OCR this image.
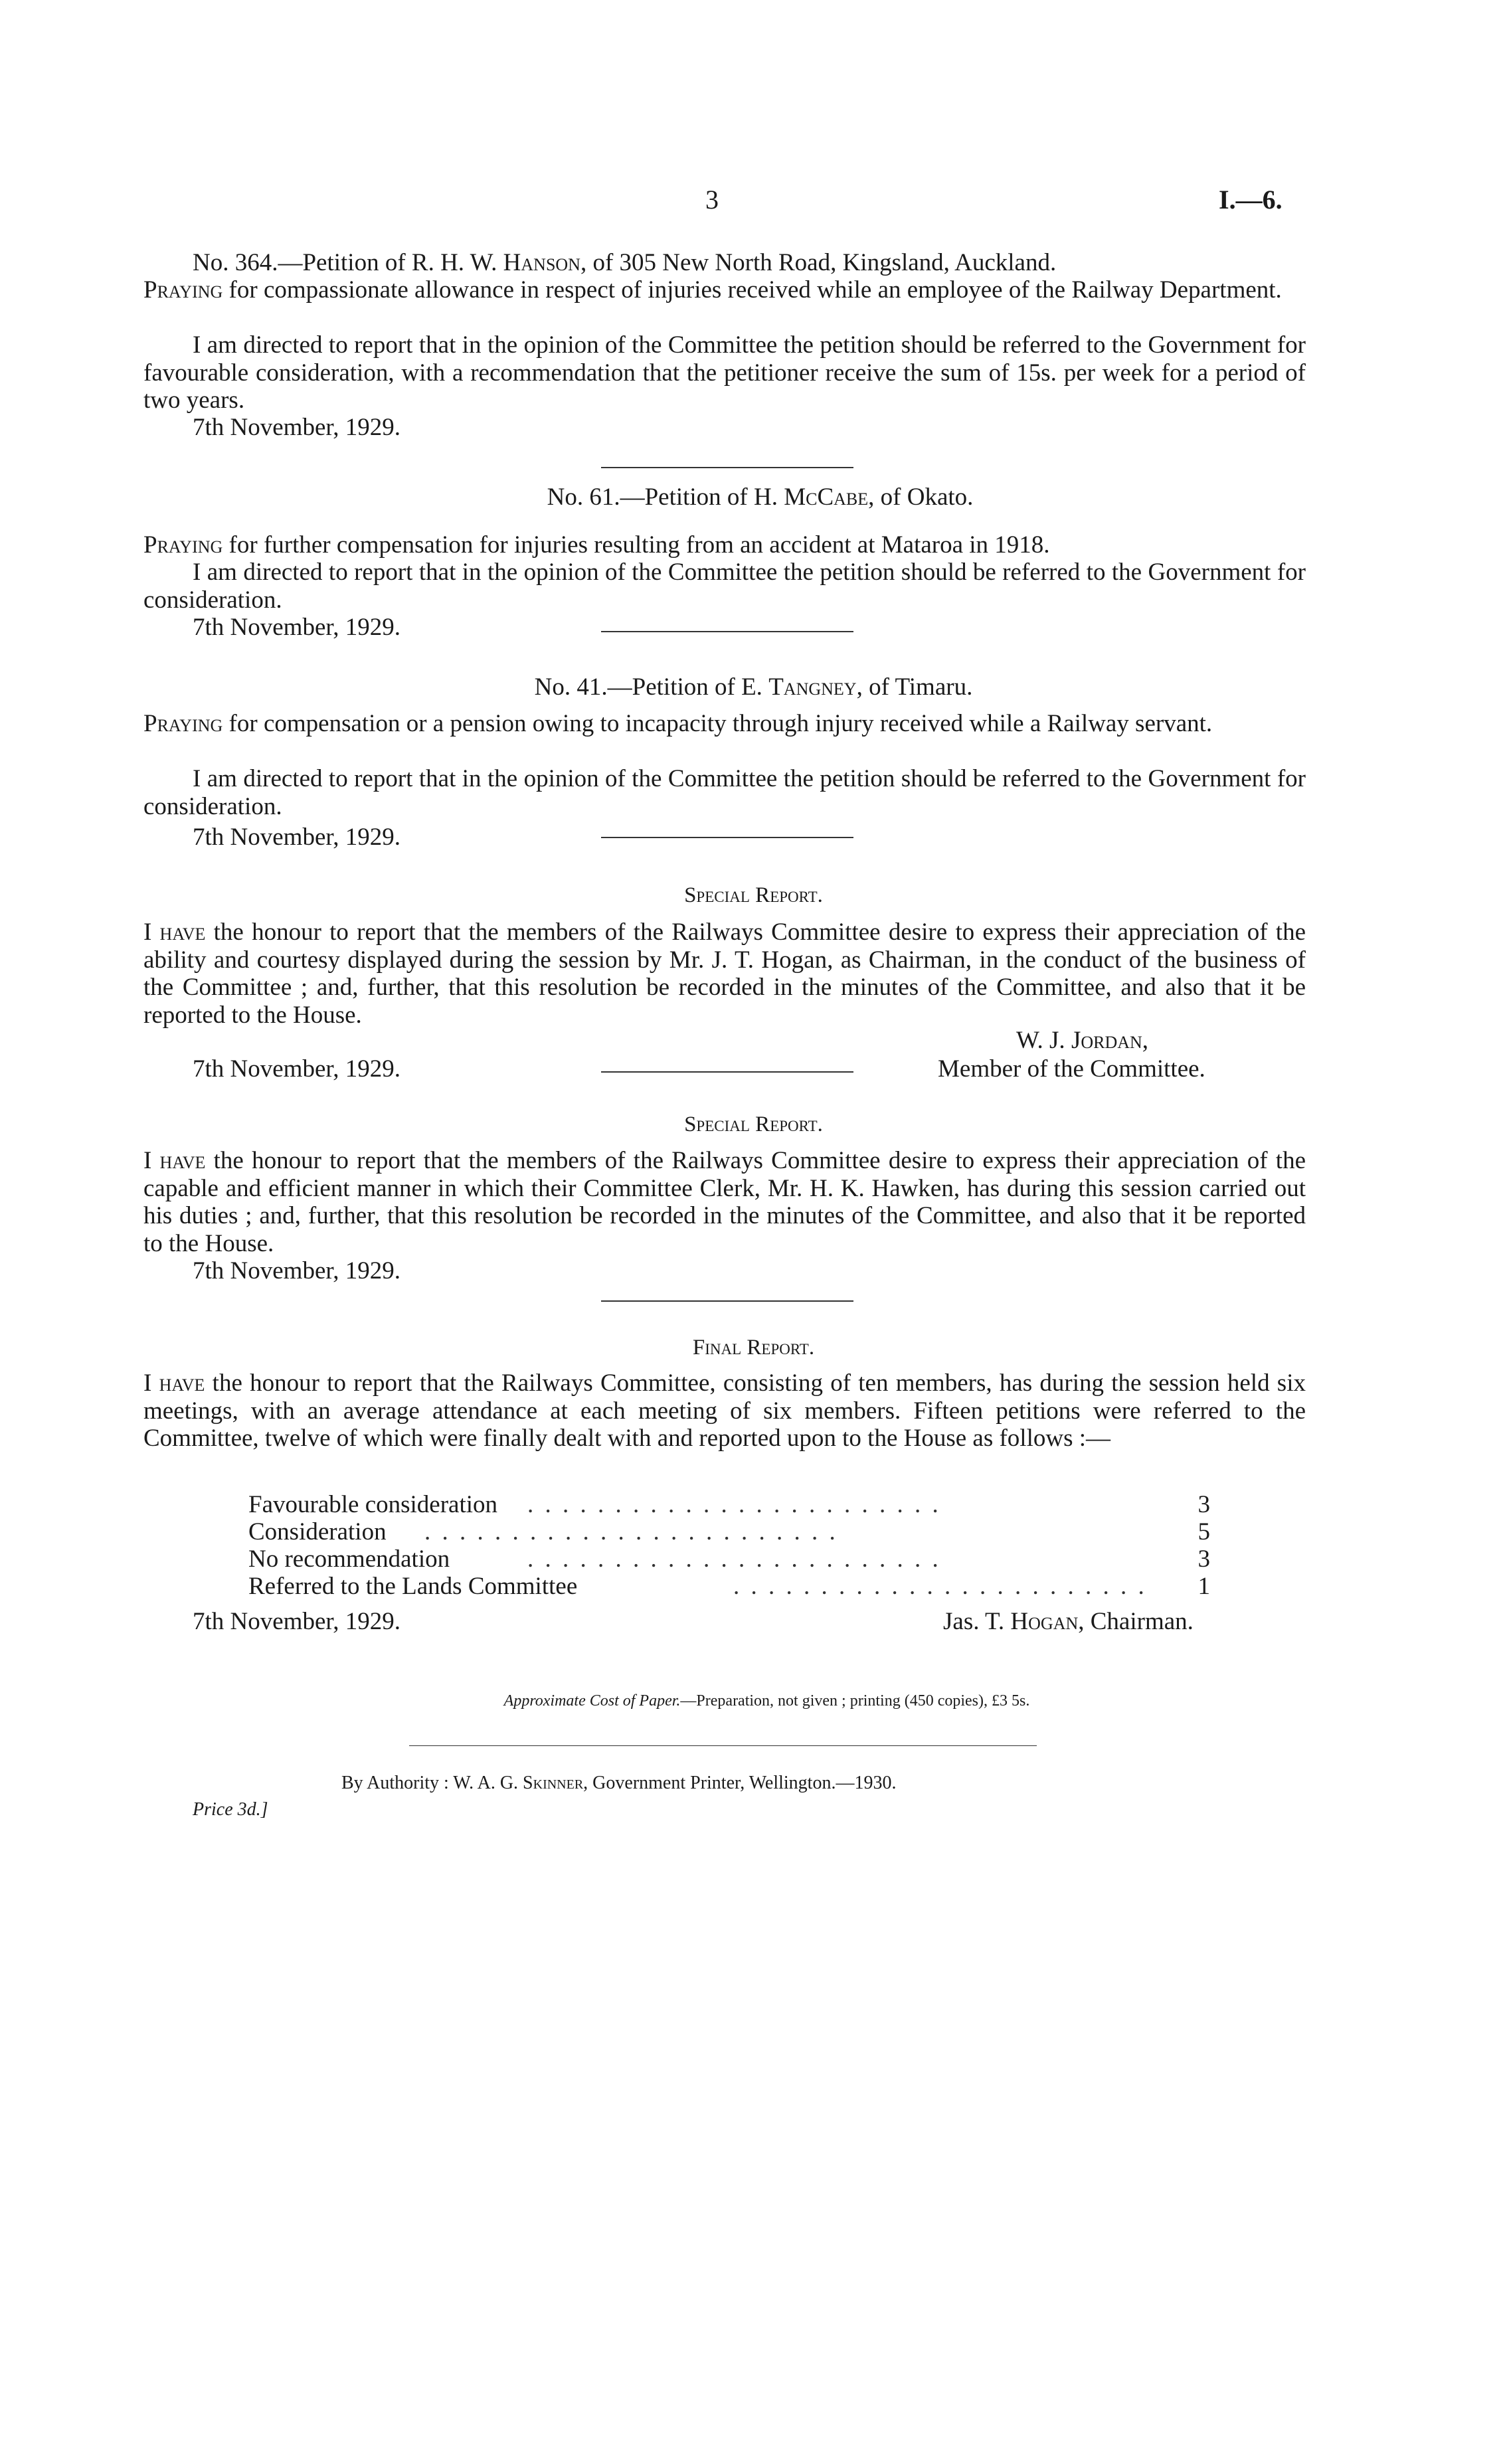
3	I.—6.
No. 364.—Petition of R. H. W. Hanson, of 305 New North Road, Kingsland, Auckland.
Praying for compassionate allowance in respect of injuries received while an employee of the Railway Department.
I am directed to report that in the opinion of the Committee the petition should be referred to the Government for favourable consideration, with a recommendation that the petitioner receive the sum of 15s. per week for a period of two years.
7th November, 1929.
No. 61.—Petition of H. McCabe, of Okato.
Praying for further compensation for injuries resulting from an accident at Mataroa in 1918.
I am directed to report that in the opinion of the Committee the petition should be referred to the Government for consideration.
7th November, 1929.
No. 41.—Petition of E. Tangney, of Timaru.
Praying for compensation or a pension owing to incapacity through injury received while a Railway servant.
I am directed to report that in the opinion of the Committee the petition should be referred to the Government for consideration.
7th November, 1929.
Special Report.
I have the honour to report that the members of the Railways Committee desire to express their appreciation of the ability and courtesy displayed during the session by Mr. J. T. Hogan, as Chairman, in the conduct of the business of the Committee ; and, further, that this resolution be recorded in the minutes of the Committee, and also that it be reported to the House.
W. J. Jordan,
7th November, 1929.	Member of the Committee.
Special Report.
I have the honour to report that the members of the Railways Committee desire to express their appreciation of the capable and efficient manner in which their Committee Clerk, Mr. H. K. Hawken, has during this session carried out his duties ; and, further, that this resolution be recorded in the minutes of the Committee, and also that it be reported to the House.
7th November, 1929.
Final Report.
I have the honour to report that the Railways Committee, consisting of ten members, has during the session held six meetings, with an average attendance at each meeting of six members. Fifteen petitions were referred to the Committee, twelve of which were finally dealt with and reported upon to the House as follows :—
Favourable consideration . . . . . . . . . . . . . . . . . . . . . . . .	3
Consideration . . . . . . . . . . . . . . . . . . . . . . . .	5
No recommendation	. . . . . . . . . . . . . . . . . . . . . . . .	3
Referred to the Lands Committee	. . . . . . . . . . . . . . . . . . . . . . . .	1
7th November, 1929.	Jas. T. Hogan, Chairman.
Approximate Cost of Paper.—Preparation, not given ; printing (450 copies), £3 5s.
By Authority : W. A. G. Skinner, Government Printer, Wellington.—1930.
Price 3d.]
